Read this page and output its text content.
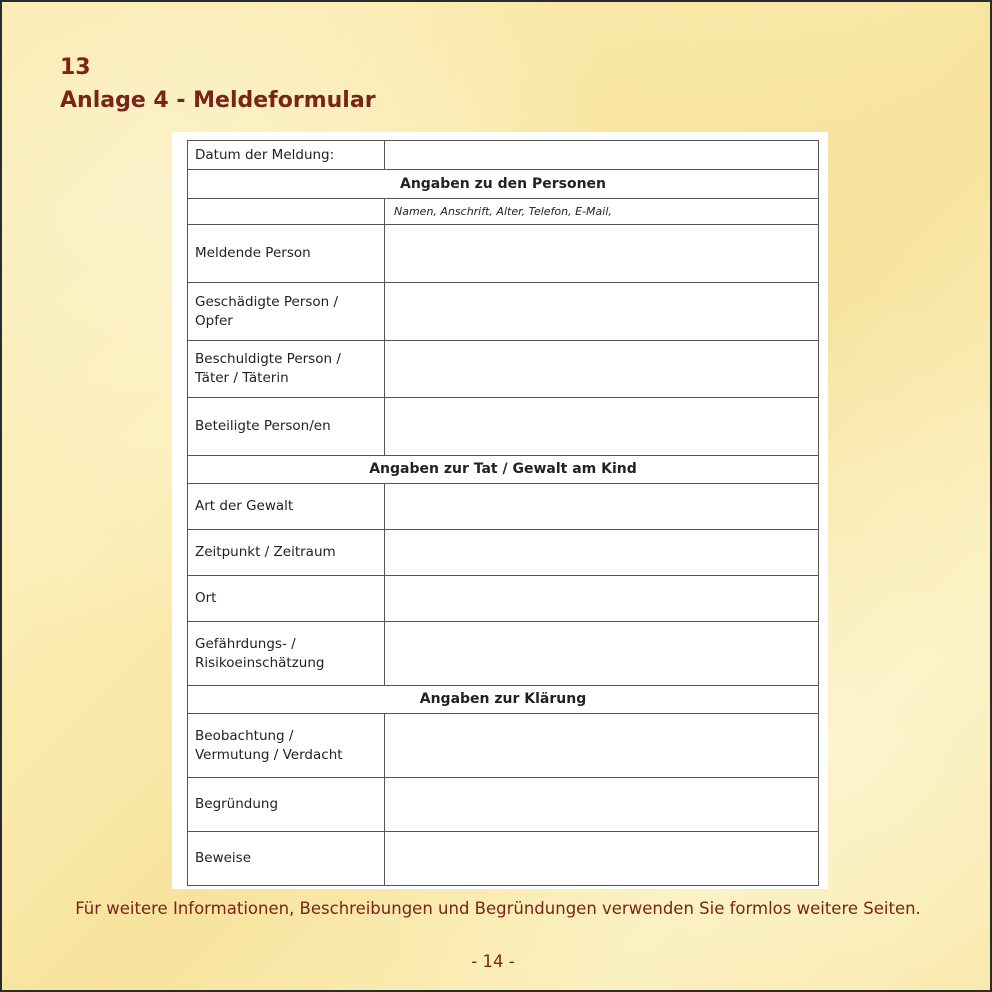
13
Anlage 4 - Meldeformular
Datum der Meldung:	
Angaben zu den Personen	
	Namen, Anschrift, Alter, Telefon, E-Mail,
Meldende Person	
Geschädigte Person /
Opfer	
Beschuldigte Person /
Täter / Täterin	
Beteiligte Person/en	
Angaben zur Tat / Gewalt am Kind	
Art der Gewalt	
Zeitpunkt / Zeitraum	
Ort	
Gefährdungs- /
Risikoeinschätzung	
Angaben zur Klärung	
Beobachtung /
Vermutung / Verdacht	
Begründung	
Beweise	
Für weitere Informationen, Beschreibungen und Begründungen verwenden Sie formlos weitere Seiten.
- 14 -
